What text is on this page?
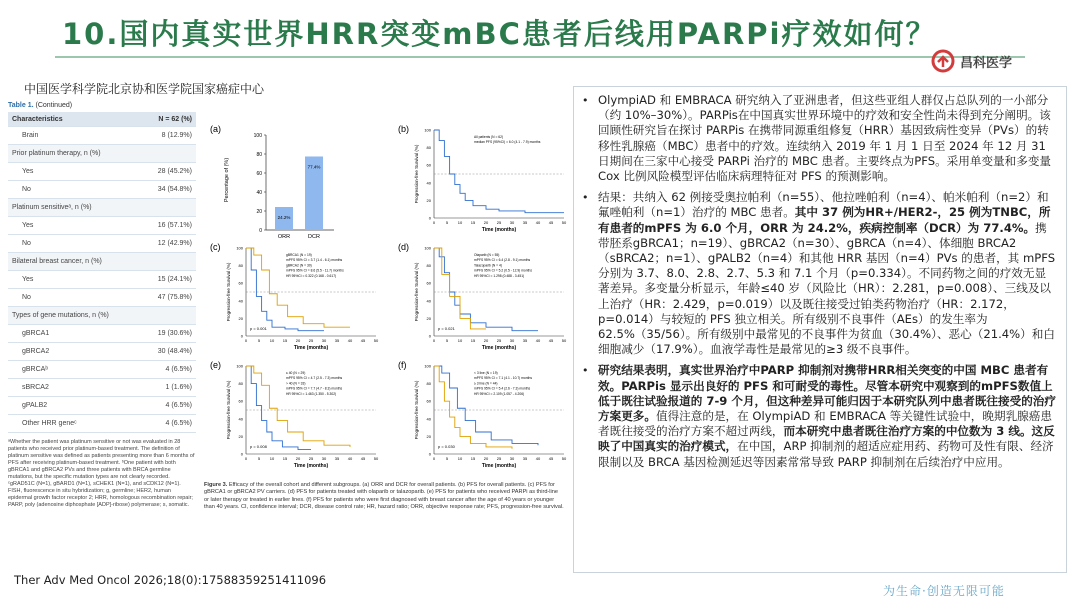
10.国内真实世界HRR突变mBC患者后线用PARPi疗效如何？
昌科医学
中国医学科学院北京协和医学院国家癌症中心
Table 1. (Continued)
Characteristics	N = 62 (%)
Brain	8 (12.9%)
Prior platinum therapy, n (%)
Yes	28 (45.2%)
No	34 (54.8%)
Platinum sensitiveᵃ, n (%)
Yes	16 (57.1%)
No	12 (42.9%)
Bilateral breast cancer, n (%)
Yes	15 (24.1%)
No	47 (75.8%)
Types of gene mutations, n (%)
gBRCA1	19 (30.6%)
gBRCA2	30 (48.4%)
gBRCAᵇ	4 (6.5%)
sBRCA2	1 (1.6%)
gPALB2	4 (6.5%)
Other HRR geneᶜ	4 (6.5%)
ᵃWhether the patient was platinum sensitive or not was evaluated in 28 patients who received prior platinum-based treatment. The definition of platinum sensitive was defined as patients presenting more than 6 months of PFS after receiving platinum-based treatment. ᵇOne patient with both gBRCA1 and gBRCA2 PVs and three patients with BRCA germline mutations, but the specific mutation types are not clearly recorded. ᶜgRAD51C (N=1), gBARD1 (N=1), sCHEK1 (N=1), and sCDK12 (N=1). FISH, fluorescence in situ hybridization; g, germline; HER2, human epidermal growth factor receptor 2; HRR, homologous recombination repair; PARP, poly (adenosine diphosphate [ADP]-ribose) polymerase; s, somatic.
(a)
Percentage of (%)
0
20
40
60
80
100
24.2%
ORR
77.4%
DCR
(b)
Progression-free Survival (%)
0
20
40
60
80
100
0	5 10 15 20 25 30 35 40 45 50
Time (months)
All patients (N = 62)
median PFS (95%CI) = 6.0 (4.1 - 7.9) months
(c)
Progression-free Survival (%)
0
20
40
60
80
100
0	5 10 15 20 25 30 35 40 45 50
Time (months)
gBRCA1 (N = 19)
mPFS 95% CI = 3.7 (1.4 - 6.1) months
gBRCA2 (N = 30)
mPFS 95% CI = 8.6 (5.5 - 11.7) months
HR 95%CI = 0.322 (0.168 - 0.617)
p = 0.001
(d)
Progression-free Survival (%)
0
20
40
60
80
100
0	5 10 15 20 25 30 35 40 45 50
Time (months)
Olaparib (N = 55)
mPFS 95% CI = 6.4 (2.8 - 9.1) months
Talazoparib (N = 4)
mPFS 95% CI = 5.2 (0.5 - 12.9) months
HR 95%CI = 1.298 (0.488 - 3.451)
p = 0.021
(e)
Progression-free Survival (%)
0
20
40
60
80
100
0	5 10 15 20 25 30 35 40 45 50
Time (months)
≤ 40 (N = 29)
mPFS 95% CI = 4.7 (2.5 - 7.3) months
> 40 (N = 33)
mPFS 95% CI = 7.7 (4.7 - 8.3) months
HR 95%CI = 1.463 (1.350 - 5.302)
p = 0.008
(f)
Progression-free Survival (%)
0
20
40
60
80
100
0	5 10 15 20 25 30 35 40 45 50
Time (months)
< 3 line (N = 19)
mPFS 95% CI = 7.1 (4.1 - 10.7) months
≥ 3 line (N = 44)
mPFS 95% CI = 5.4 (2.6 - 7.3) months
HR 95%CI = 2.109 (1.057 - 4.206)
p = 0.030
Figure 3. Efficacy of the overall cohort and different subgroups. (a) ORR and DCR for overall patients. (b) PFS for overall patients. (c) PFS for gBRCA1 or gBRCA2 PV carriers. (d) PFS for patients treated with olaparib or talazoparib. (e) PFS for patients who received PARPi as third-line or later therapy or treated in earlier lines. (f) PFS for patients who were first diagnosed with breast cancer after the age of 40 years or younger than 40 years. CI, confidence interval; DCR, disease control rate; HR, hazard ratio; ORR, objective response rate; PFS, progression-free survival.
Ther Adv Med Oncol 2026;18(0):17588359251411096
• OlympiAD 和 EMBRACA 研究纳入了亚洲患者，但这些亚组人群仅占总队列的一小部分（约 10%–30%）。PARPis在中国真实世界环境中的疗效和安全性尚未得到充分阐明。该回顾性研究旨在探讨 PARPis 在携带同源重组修复（HRR）基因致病性变异（PVs）的转移性乳腺癌（MBC）患者中的疗效。连续纳入 2019 年 1 月 1 日至 2024 年 12 月 31 日期间在三家中心接受 PARPi 治疗的 MBC 患者。主要终点为PFS。采用单变量和多变量 Cox 比例风险模型评估临床病理特征对 PFS 的预测影响。
• 结果：共纳入 62 例接受奥拉帕利（n=55）、他拉唑帕利（n=4）、帕米帕利（n=2）和氟唑帕利（n=1）治疗的 MBC 患者。其中 37 例为HR+/HER2-，25 例为TNBC，所有患者的mPFS 为 6.0 个月，ORR 为 24.2%，疾病控制率（DCR）为 77.4%。携带胚系gBRCA1；n=19）、gBRCA2（n=30）、gBRCA（n=4）、体细胞 BRCA2（sBRCA2；n=1）、gPALB2（n=4）和其他 HRR 基因（n=4）PVs 的患者，其 mPFS 分别为 3.7、8.0、2.8、2.7、5.3 和 7.1 个月（p=0.334）。不同药物之间的疗效无显著差异。多变量分析显示，年龄≤40 岁（风险比（HR）：2.281，p=0.008）、三线及以上治疗（HR：2.429，p=0.019）以及既往接受过铂类药物治疗（HR：2.172，p=0.014）与较短的 PFS 独立相关。所有级别不良事件（AEs）的发生率为 62.5%（35/56）。所有级别中最常见的不良事件为贫血（30.4%）、恶心（21.4%）和白细胞减少（17.9%）。血液学毒性是最常见的≥3 级不良事件。
• 研究结果表明，真实世界治疗中PARP 抑制剂对携带HRR相关突变的中国 MBC 患者有效。PARPis 显示出良好的 PFS 和可耐受的毒性。尽管本研究中观察到的mPFS数值上低于既往试验报道的 7-9 个月，但这种差异可能归因于本研究队列中患者既往接受的治疗方案更多。值得注意的是，在 OlympiAD 和 EMBRACA 等关键性试验中，晚期乳腺癌患者既往接受的治疗方案不超过两线，而本研究中患者既往治疗方案的中位数为 3 线。这反映了中国真实的治疗模式，在中国，ARP 抑制剂的超适应症用药、药物可及性有限、经济限制以及 BRCA 基因检测延迟等因素常常导致 PARP 抑制剂在后续治疗中应用。
为生命·创造无限可能
